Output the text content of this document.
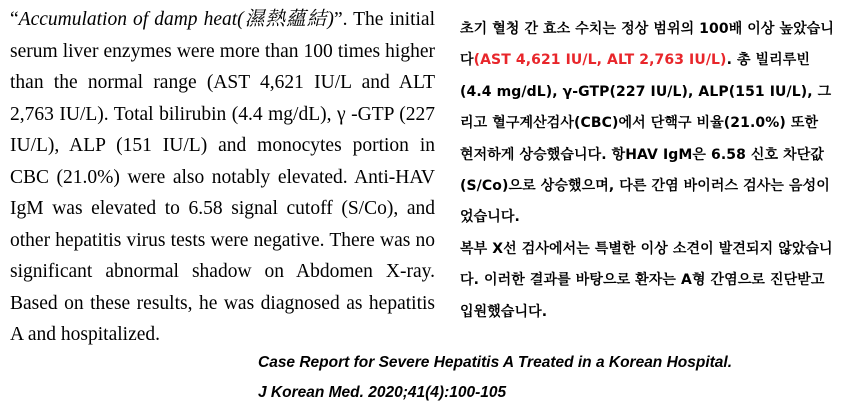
“Accumulation of damp heat(濕熱蘊結)”. The initial serum liver enzymes were more than 100 times higher than the normal range (AST 4,621 IU/L and ALT 2,763 IU/L). Total bilirubin (4.4 mg/dL), γ -GTP (227 IU/L), ALP (151 IU/L) and monocytes portion in CBC (21.0%) were also notably elevated. Anti-HAV IgM was elevated to 6.58 signal cutoff (S/Co), and other hepatitis virus tests were negative. There was no significant abnormal shadow on Abdomen X-ray. Based on these results, he was diagnosed as hepatitis A and hospitalized.

초기 혈청 간 효소 수치는 정상 범위의 100배 이상 높았습니다(AST 4,621 IU/L, ALT 2,763 IU/L). 총 빌리루빈(4.4 mg/dL), γ-GTP(227 IU/L), ALP(151 IU/L), 그리고 혈구계산검사(CBC)에서 단핵구 비율(21.0%) 또한 현저하게 상승했습니다. 항HAV IgM은 6.58 신호 차단값(S/Co)으로 상승했으며, 다른 간염 바이러스 검사는 음성이었습니다.

복부 X선 검사에서는 특별한 이상 소견이 발견되지 않았습니다. 이러한 결과를 바탕으로 환자는 A형 간염으로 진단받고 입원했습니다.

Case Report for Severe Hepatitis A Treated in a Korean Hospital.
J Korean Med. 2020;41(4):100-105
